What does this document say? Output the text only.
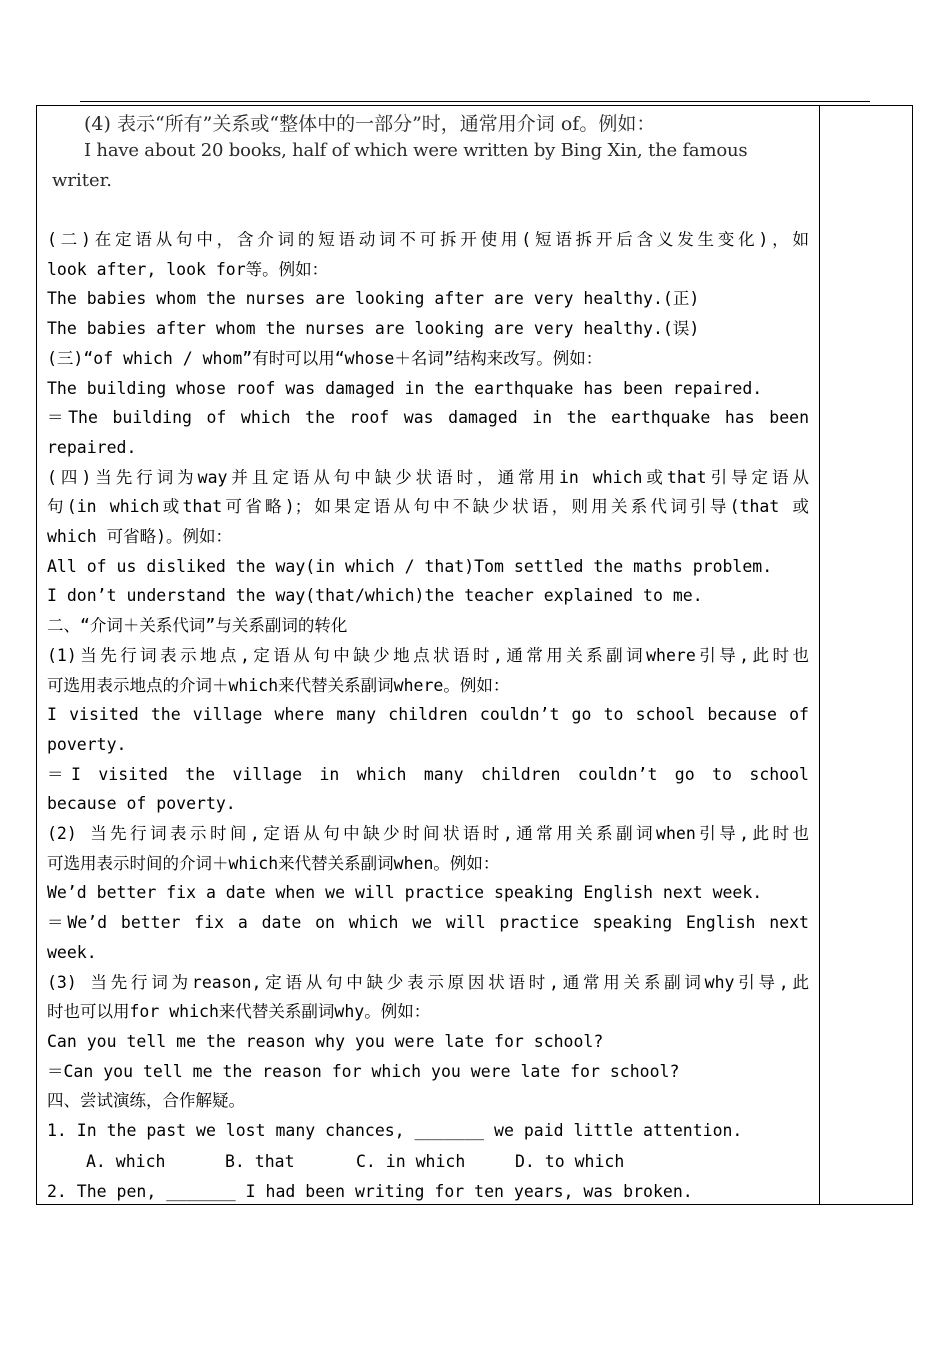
(4) 表示“所有”关系或“整体中的一部分”时，通常用介词 of。例如：
I have about 20 books, half of which were written by Bing Xin, the famous
writer.
(二)在定语从句中，含介词的短语动词不可拆开使用(短语拆开后含义发生变化)，如
look after, look for等。例如：
The babies whom the nurses are looking after are very healthy.(正)
The babies after whom the nurses are looking are very healthy.(误)
(三)“of which / whom”有时可以用“whose＋名词”结构来改写。例如：
The building whose roof was damaged in the earthquake has been repaired.
＝The building of which the roof was damaged in the earthquake has been
repaired.
(四)当先行词为way并且定语从句中缺少状语时，通常用in which或that引导定语从
句(in which或that可省略)；如果定语从句中不缺少状语，则用关系代词引导(that 或
which 可省略)。例如：
All of us disliked the way(in which / that)Tom settled the maths problem.
I don’t understand the way(that/which)the teacher explained to me.
二、“介词＋关系代词”与关系副词的转化
(1)当先行词表示地点,定语从句中缺少地点状语时,通常用关系副词where引导,此时也
可选用表示地点的介词＋which来代替关系副词where。例如：
I visited the village where many children couldn’t go to school because of
poverty.
＝I visited the village in which many children couldn’t go to school
because of poverty.
(2) 当先行词表示时间,定语从句中缺少时间状语时,通常用关系副词when引导,此时也
可选用表示时间的介词＋which来代替关系副词when。例如：
We’d better fix a date when we will practice speaking English next week.
＝We’d better fix a date on which we will practice speaking English next
week.
(3) 当先行词为reason,定语从句中缺少表示原因状语时,通常用关系副词why引导,此
时也可以用for which来代替关系副词why。例如：
Can you tell me the reason why you were late for school?
＝Can you tell me the reason for which you were late for school?
四、尝试演练，合作解疑。
1. In the past we lost many chances, _______ we paid little attention.
A. which	B. that	C. in which	D. to which
2. The pen, _______ I had been writing for ten years, was broken.
